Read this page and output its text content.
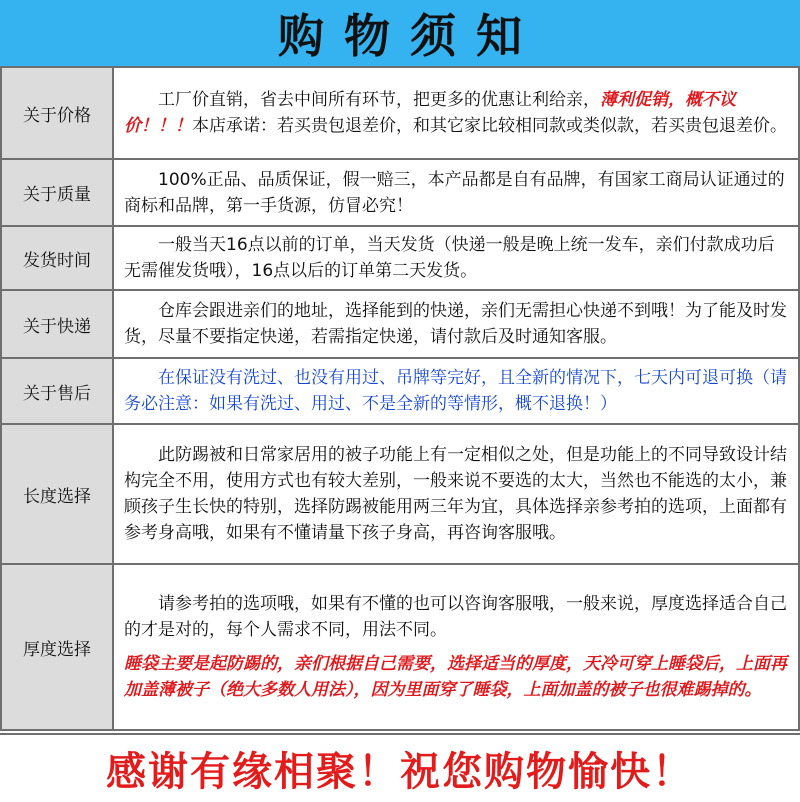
购物须知
关于价格	工厂价直销，省去中间所有环节，把更多的优惠让利给亲，薄利促销，概不议价！！！本店承诺：若买贵包退差价，和其它家比较相同款或类似款，若买贵包退差价。
关于质量	100%正品、品质保证，假一赔三，本产品都是自有品牌，有国家工商局认证通过的商标和品牌，第一手货源，仿冒必究！
发货时间	一般当天16点以前的订单，当天发货（快递一般是晚上统一发车，亲们付款成功后无需催发货哦），16点以后的订单第二天发货。
关于快递	仓库会跟进亲们的地址，选择能到的快递，亲们无需担心快递不到哦！为了能及时发货，尽量不要指定快递，若需指定快递，请付款后及时通知客服。
关于售后	在保证没有洗过、也没有用过、吊牌等完好，且全新的情况下，七天内可退可换（请务必注意：如果有洗过、用过、不是全新的等情形，概不退换！）
长度选择	此防踢被和日常家居用的被子功能上有一定相似之处，但是功能上的不同导致设计结构完全不用，使用方式也有较大差别，一般来说不要选的太大，当然也不能选的太小，兼顾孩子生长快的特别，选择防踢被能用两三年为宜，具体选择亲参考拍的选项，上面都有参考身高哦，如果有不懂请量下孩子身高，再咨询客服哦。
厚度选择	请参考拍的选项哦，如果有不懂的也可以咨询客服哦，一般来说，厚度选择适合自己的才是对的，每个人需求不同，用法不同。
睡袋主要是起防踢的，亲们根据自己需要，选择适当的厚度，天冷可穿上睡袋后，上面再加盖薄被子（绝大多数人用法），因为里面穿了睡袋，上面加盖的被子也很难踢掉的。
感谢有缘相聚！祝您购物愉快！
